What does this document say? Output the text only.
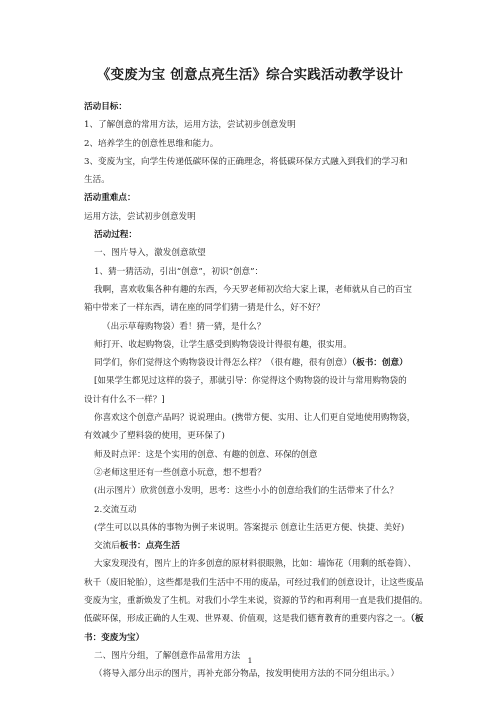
《变废为宝 创意点亮生活》综合实践活动教学设计
活动目标：
1、了解创意的常用方法，运用方法，尝试初步创意发明
2、培养学生的创意性思维和能力。
3、变废为宝，向学生传递低碳环保的正确理念，将低碳环保方式融入到我们的学习和
生活。
活动重难点：
运用方法，尝试初步创意发明
活动过程：
一、图片导入，激发创意欲望
1、猜一猜活动，引出“创意”，初识“创意”：
我啊，喜欢收集各种有趣的东西，今天罗老师初次给大家上课，老师就从自己的百宝
箱中带来了一样东西，请在座的同学们猜一猜是什么，好不好？
（出示草莓购物袋）看！猜一猜，是什么？
师打开、收起购物袋，让学生感受到购物袋设计得很有趣，很实用。
同学们，你们觉得这个购物袋设计得怎么样？（很有趣，很有创意）（板书：创意）
[如果学生都见过这样的袋子，那就引导：你觉得这个购物袋的设计与常用购物袋的
设计有什么不一样？]
你喜欢这个创意产品吗？说说理由。(携带方便、实用、让人们更自觉地使用购物袋，
有效减少了塑料袋的使用，更环保了)
师及时点评：这是个实用的创意、有趣的创意、环保的创意
②老师这里还有一些创意小玩意，想不想看？
(出示图片）欣赏创意小发明，思考：这些小小的创意给我们的生活带来了什么？
2.交流互动
(学生可以以具体的事物为例子来说明。答案提示 创意让生活更方便、快捷、美好)
交流后板书：点亮生活
大家发现没有，图片上的许多创意的原材料很眼熟，比如：墙饰花（用剩的纸卷筒）、
秋千（废旧轮胎），这些都是我们生活中不用的废品，可经过我们的创意设计，让这些废品
变废为宝，重新焕发了生机。对我们小学生来说，资源的节约和再利用一直是我们提倡的。
低碳环保，形成正确的人生观、世界观、价值观，这是我们德育教育的重要内容之一。（板
书：变废为宝）
二、图片分组，了解创意作品常用方法
（将导入部分出示的图片，再补充部分物品，按发明使用方法的不同分组出示。）
1
